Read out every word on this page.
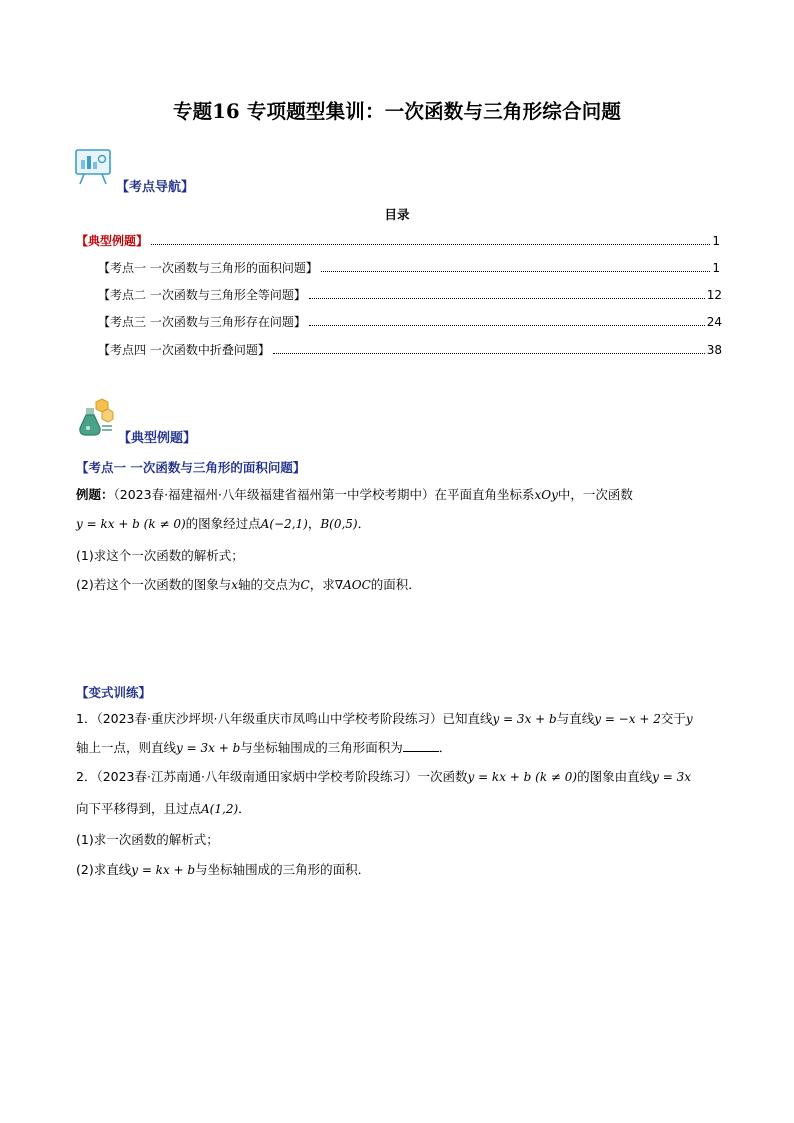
专题16 专项题型集训：一次函数与三角形综合问题
【考点导航】
目录
【典型例题】	1
【考点一 一次函数与三角形的面积问题】	1
【考点二 一次函数与三角形全等问题】	12
【考点三 一次函数与三角形存在问题】	24
【考点四 一次函数中折叠问题】	38
【典型例题】
【考点一 一次函数与三角形的面积问题】
例题：（2023春·福建福州·八年级福建省福州第一中学校考期中）在平面直角坐标系xOy中，一次函数
y = kx + b (k ≠ 0)的图象经过点A(−2,1)，B(0,5)．
(1)求这个一次函数的解析式；
(2)若这个一次函数的图象与x轴的交点为C，求∇AOC的面积．
【变式训练】
1．（2023春·重庆沙坪坝·八年级重庆市凤鸣山中学校考阶段练习）已知直线y = 3x + b与直线y = −x + 2交于y
轴上一点，则直线y = 3x + b与坐标轴围成的三角形面积为	．
2．（2023春·江苏南通·八年级南通田家炳中学校考阶段练习）一次函数y = kx + b (k ≠ 0)的图象由直线y = 3x
向下平移得到，且过点A(1,2)．
(1)求一次函数的解析式；
(2)求直线y = kx + b与坐标轴围成的三角形的面积．
